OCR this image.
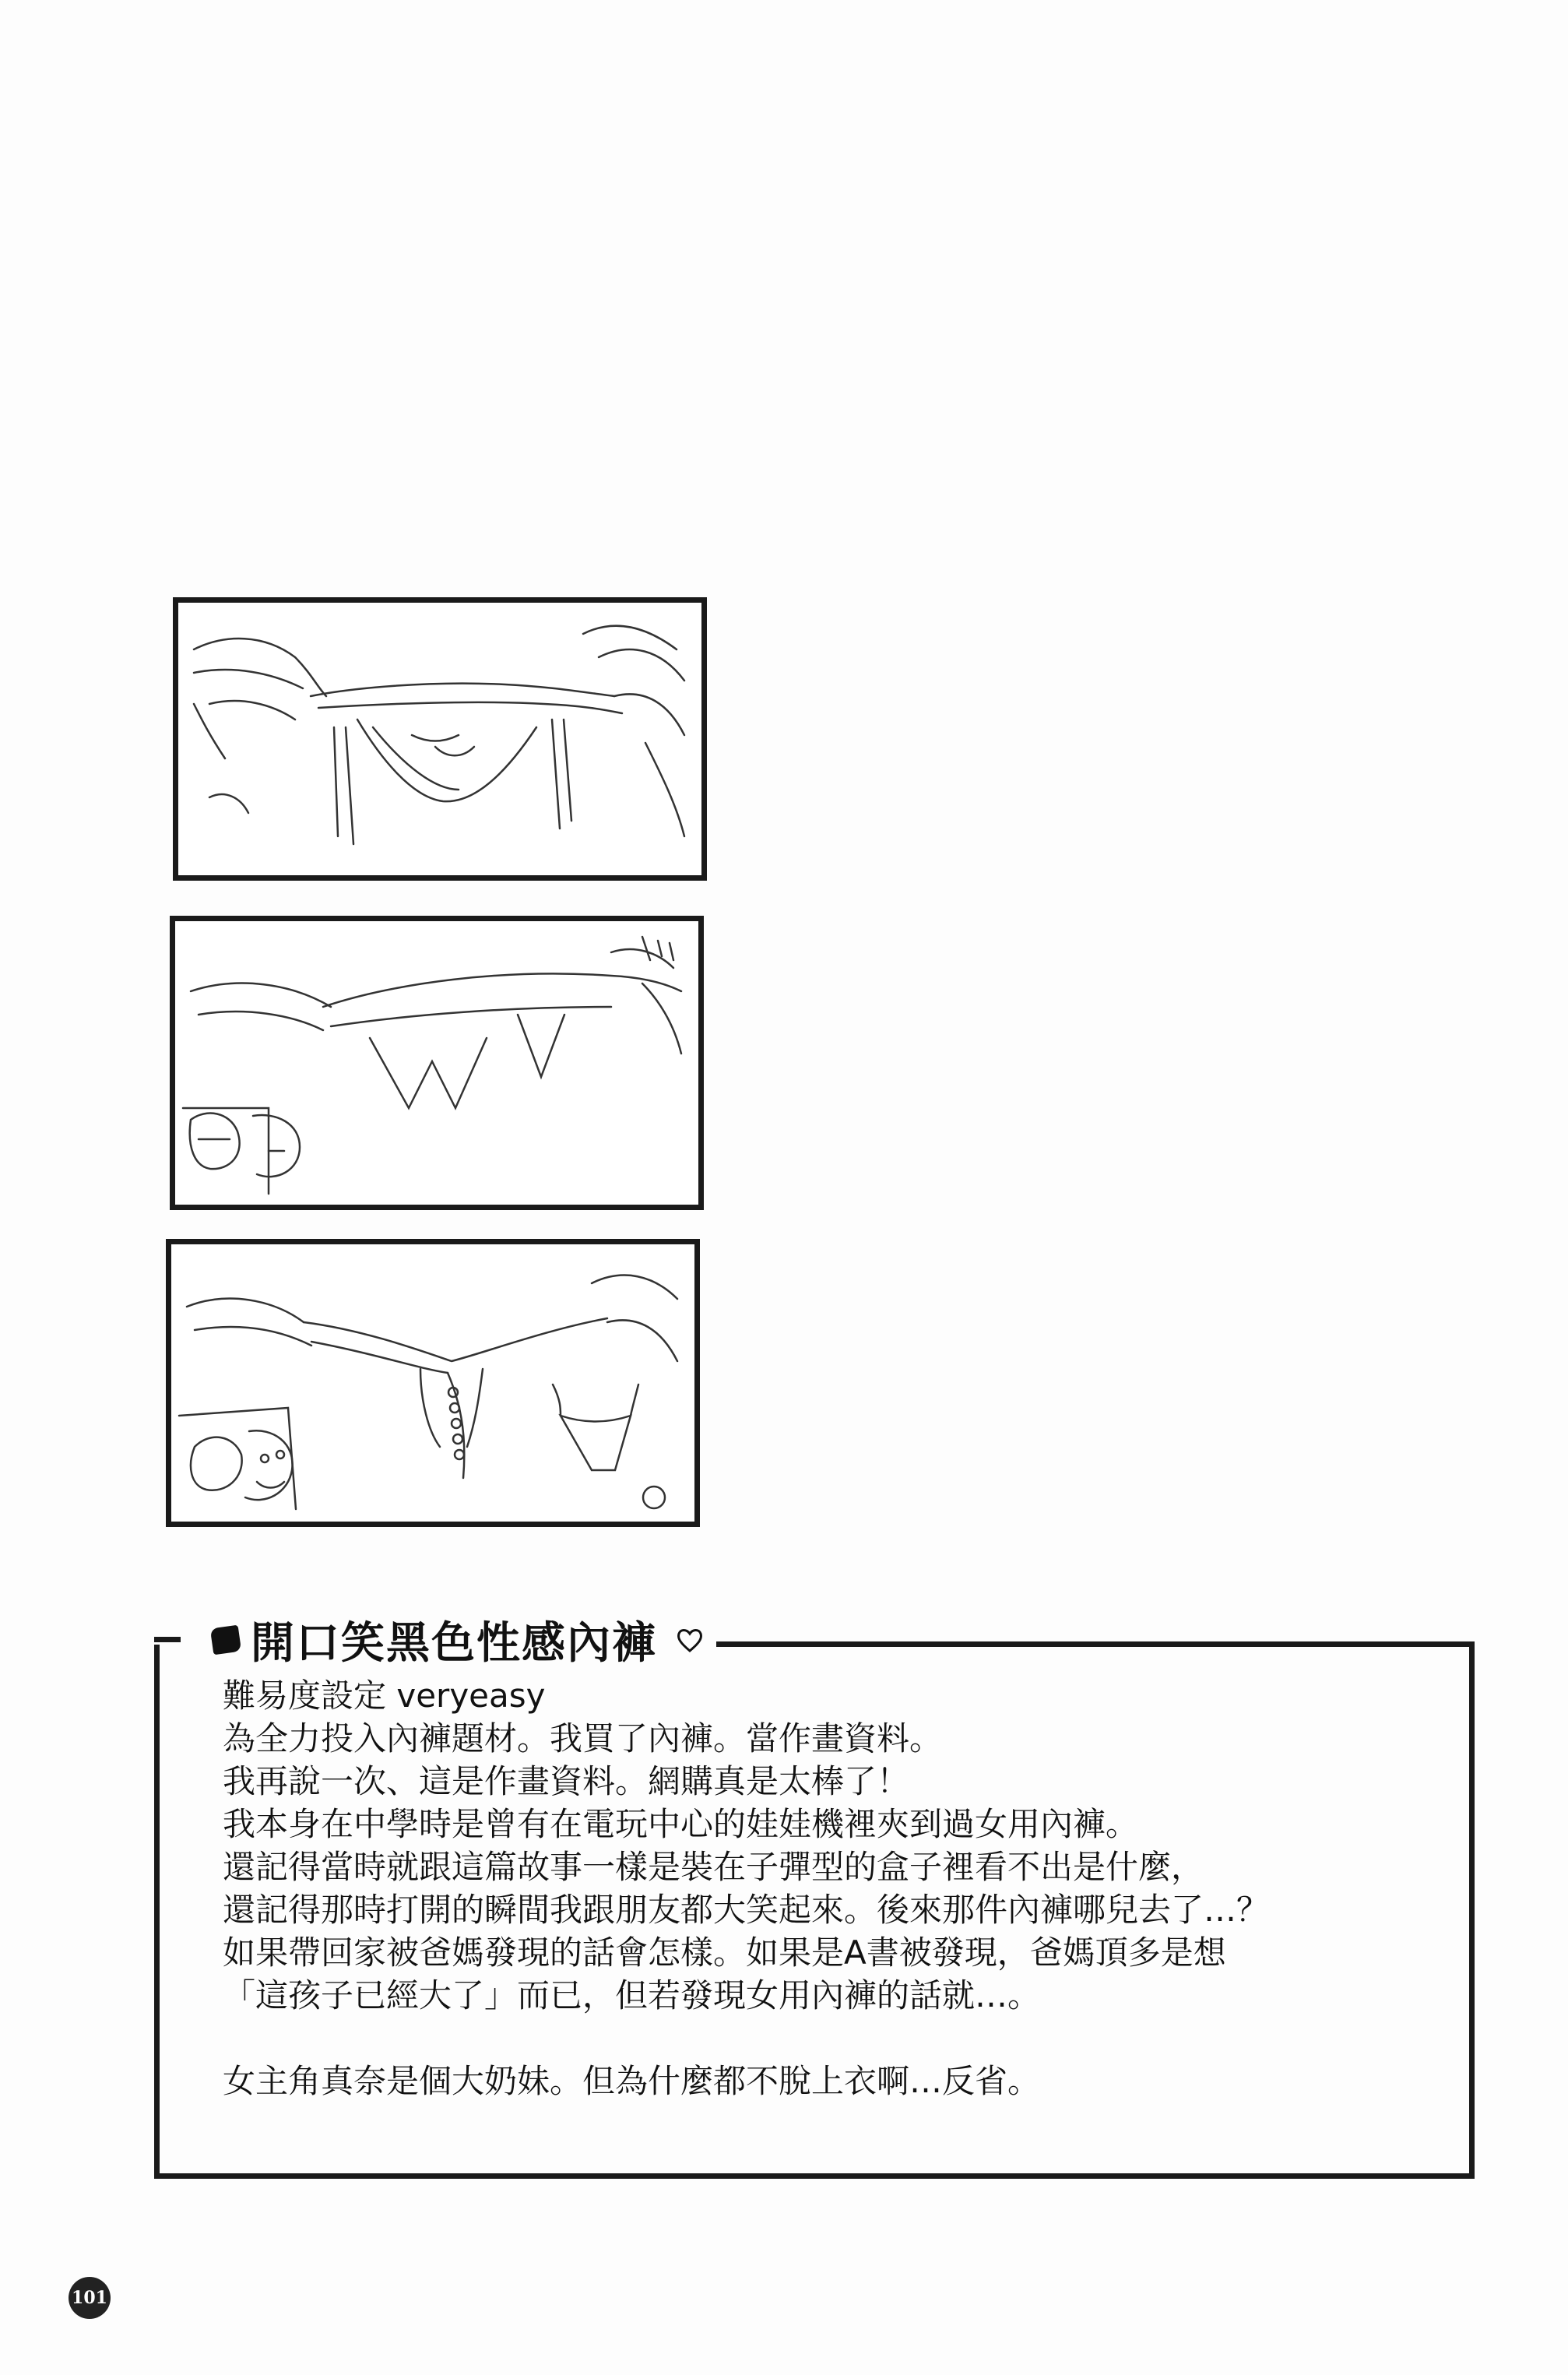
開口笑黑色性感內褲
難易度設定 veryeasy
為全力投入內褲題材。我買了內褲。當作畫資料。
我再說一次、這是作畫資料。網購真是太棒了！
我本身在中學時是曾有在電玩中心的娃娃機裡夾到過女用內褲。
還記得當時就跟這篇故事一樣是裝在子彈型的盒子裡看不出是什麼，
還記得那時打開的瞬間我跟朋友都大笑起來。後來那件內褲哪兒去了…？
如果帶回家被爸媽發現的話會怎樣。如果是A書被發現，爸媽頂多是想
「這孩子已經大了」而已，但若發現女用內褲的話就…。
女主角真奈是個大奶妹。但為什麼都不脫上衣啊…反省。
101
